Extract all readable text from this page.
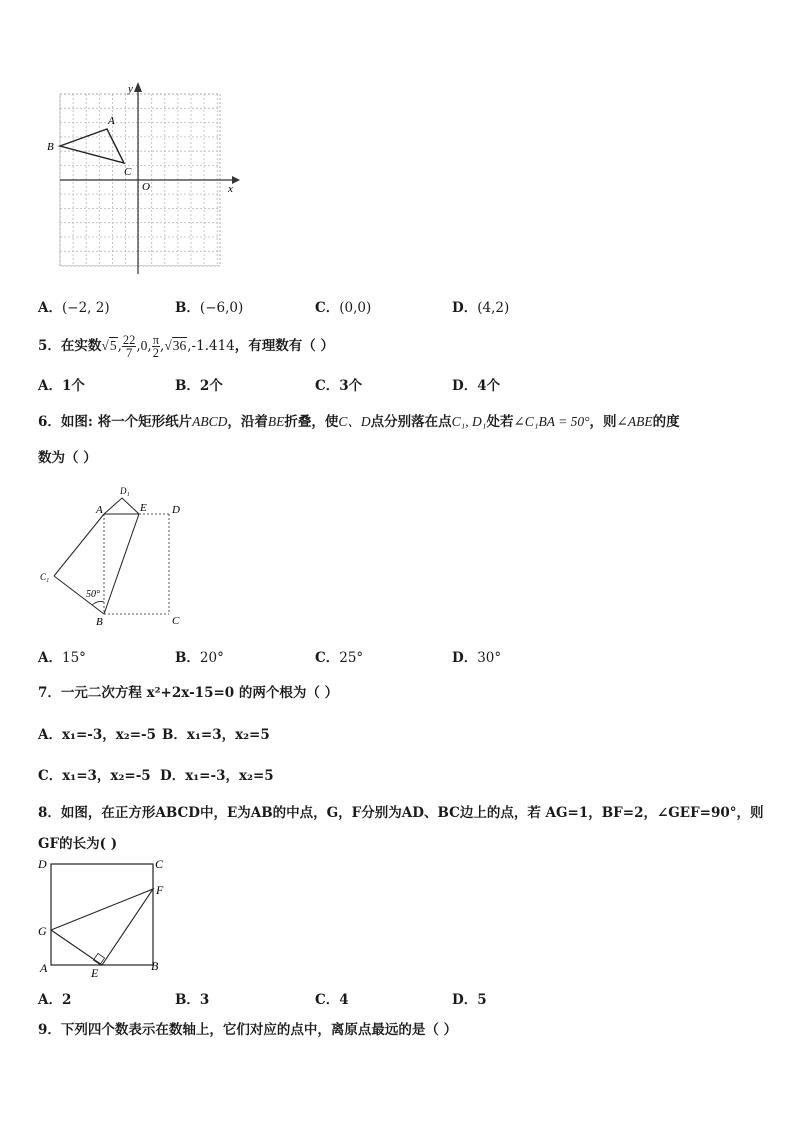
A
B
C
O	x
y
A．(−2, 2)	B．(−6,0)	C．(0,0)	D．(4,2)
5．在实数√5, $\frac{22}{7} ,0$, $\frac{\pi}{2} ,√36,-1.414$，有理数有（ ）
A．1个	B．2个	C．3个	D．4个
6．如图: 将一个矩形纸片ABCD，沿着BE折叠，使C、D点分别落在点C₁, D₁处若∠C₁BA = 50°，则∠ABE的度
数为（ ）
D₁
A	E D
C₁
50°
B	C
A．15°	B．20°	C．25°	D．30°
7．一元二次方程 x²+2x-15=0 的两个根为（ ）
A．x₁=-3，x₂=-5 B．x₁=3，x₂=5
C．x₁=3，x₂=-5 D．x₁=-3，x₂=5
8．如图，在正方形ABCD中，E为AB的中点，G，F分别为AD、BC边上的点，若 AG=1，BF=2，∠GEF=90°，则
GF的长为( )
D	C
F
G
A	E	B
A．2	B．3	C．4	D．5
9．下列四个数表示在数轴上，它们对应的点中，离原点最远的是（ ）
